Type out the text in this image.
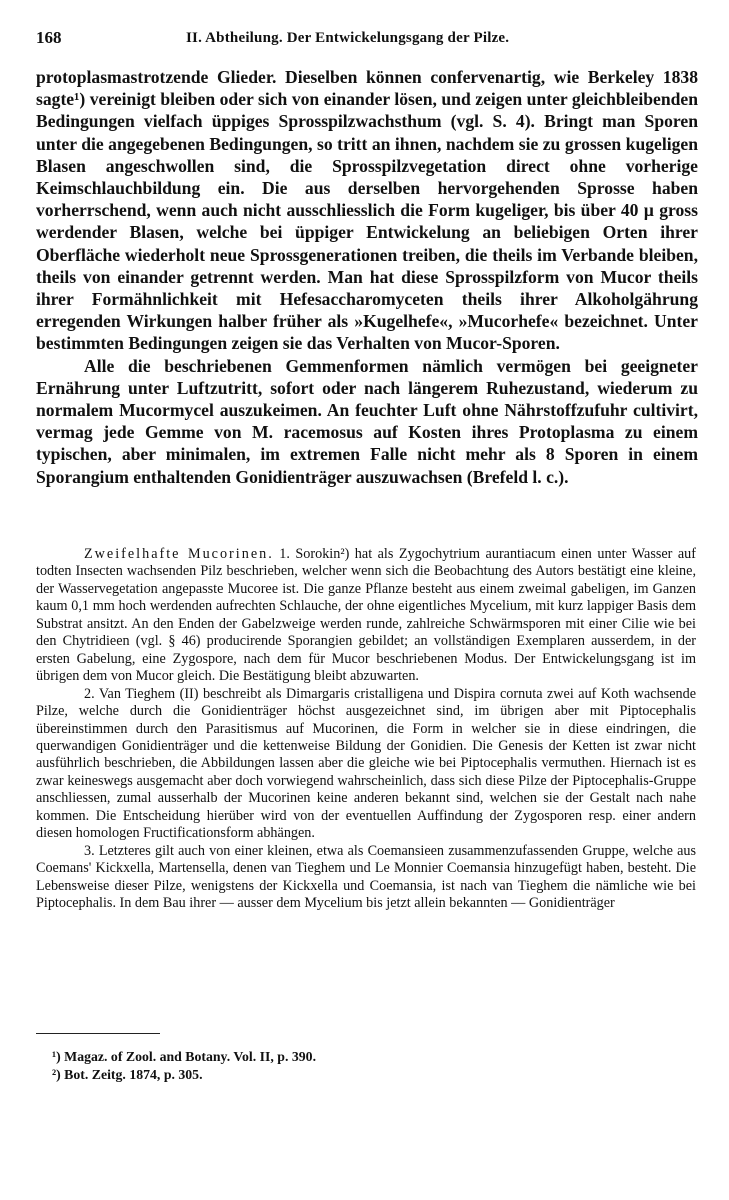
168	II. Abtheilung. Der Entwickelungsgang der Pilze.

protoplasmastrotzende Glieder. Dieselben können confervenartig, wie Berkeley 1838 sagte¹) vereinigt bleiben oder sich von einander lösen, und zeigen unter gleichbleibenden Bedingungen vielfach üppiges Sprosspilzwachsthum (vgl. S. 4). Bringt man Sporen unter die angegebenen Bedingungen, so tritt an ihnen, nachdem sie zu grossen kugeligen Blasen angeschwollen sind, die Sprosspilzvegetation direct ohne vorherige Keimschlauchbildung ein. Die aus derselben hervorgehenden Sprosse haben vorherrschend, wenn auch nicht ausschliesslich die Form kugeliger, bis über 40 µ gross werdender Blasen, welche bei üppiger Entwickelung an beliebigen Orten ihrer Oberfläche wiederholt neue Sprossgenerationen treiben, die theils im Verbande bleiben, theils von einander getrennt werden. Man hat diese Sprosspilzform von Mucor theils ihrer Formähnlichkeit mit Hefesaccharomyceten theils ihrer Alkoholgährung erregenden Wirkungen halber früher als »Kugelhefe«, »Mucorhefe« bezeichnet. Unter bestimmten Bedingungen zeigen sie das Verhalten von Mucor-Sporen.

Alle die beschriebenen Gemmenformen nämlich vermögen bei geeigneter Ernährung unter Luftzutritt, sofort oder nach längerem Ruhezustand, wiederum zu normalem Mucormycel auszukeimen. An feuchter Luft ohne Nährstoffzufuhr cultivirt, vermag jede Gemme von M. racemosus auf Kosten ihres Protoplasma zu einem typischen, aber minimalen, im extremen Falle nicht mehr als 8 Sporen in einem Sporangium enthaltenden Gonidienträger auszuwachsen (Brefeld l. c.).

Zweifelhafte Mucorinen. 1. Sorokin²) hat als Zygochytrium aurantiacum einen unter Wasser auf todten Insecten wachsenden Pilz beschrieben, welcher wenn sich die Beobachtung des Autors bestätigt eine kleine, der Wasservegetation angepasste Mucoree ist. Die ganze Pflanze besteht aus einem zweimal gabeligen, im Ganzen kaum 0,1 mm hoch werdenden aufrechten Schlauche, der ohne eigentliches Mycelium, mit kurz lappiger Basis dem Substrat ansitzt. An den Enden der Gabelzweige werden runde, zahlreiche Schwärmsporen mit einer Cilie wie bei den Chytridieen (vgl. § 46) producirende Sporangien gebildet; an vollständigen Exemplaren ausserdem, in der ersten Gabelung, eine Zygospore, nach dem für Mucor beschriebenen Modus. Der Entwickelungsgang ist im übrigen dem von Mucor gleich. Die Bestätigung bleibt abzuwarten.

2. Van Tieghem (II) beschreibt als Dimargaris cristalligena und Dispira cornuta zwei auf Koth wachsende Pilze, welche durch die Gonidienträger höchst ausgezeichnet sind, im übrigen aber mit Piptocephalis übereinstimmen durch den Parasitismus auf Mucorinen, die Form in welcher sie in diese eindringen, die querwandigen Gonidienträger und die kettenweise Bildung der Gonidien. Die Genesis der Ketten ist zwar nicht ausführlich beschrieben, die Abbildungen lassen aber die gleiche wie bei Piptocephalis vermuthen. Hiernach ist es zwar keineswegs ausgemacht aber doch vorwiegend wahrscheinlich, dass sich diese Pilze der Piptocephalis-Gruppe anschliessen, zumal ausserhalb der Mucorinen keine anderen bekannt sind, welchen sie der Gestalt nach nahe kommen. Die Entscheidung hierüber wird von der eventuellen Auffindung der Zygosporen resp. einer andern diesen homologen Fructificationsform abhängen.

3. Letzteres gilt auch von einer kleinen, etwa als Coemansieen zusammenzufassenden Gruppe, welche aus Coemans' Kickxella, Martensella, denen van Tieghem und Le Monnier Coemansia hinzugefügt haben, besteht. Die Lebensweise dieser Pilze, wenigstens der Kickxella und Coemansia, ist nach van Tieghem die nämliche wie bei Piptocephalis. In dem Bau ihrer — ausser dem Mycelium bis jetzt allein bekannten — Gonidienträger

¹) Magaz. of Zool. and Botany. Vol. II, p. 390.

²) Bot. Zeitg. 1874, p. 305.
